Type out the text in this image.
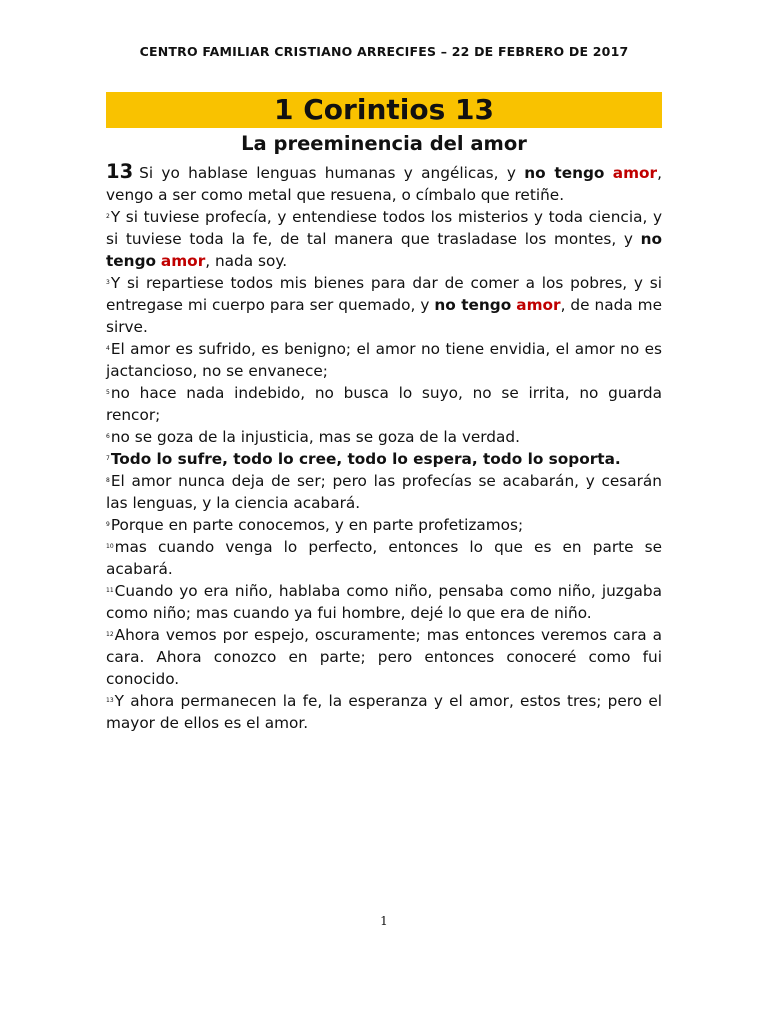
CENTRO FAMILIAR CRISTIANO ARRECIFES – 22 DE FEBRERO DE 2017
1 Corintios 13
La preeminencia del amor

13 Si yo hablase lenguas humanas y angélicas, y no tengo amor, vengo a ser como metal que resuena, o címbalo que retiñe.

$^2$Y si tuviese profecía, y entendiese todos los misterios y toda ciencia, y si tuviese toda la fe, de tal manera que trasladase los montes, y no tengo amor, nada soy.

$^3$Y si repartiese todos mis bienes para dar de comer a los pobres, y si entregase mi cuerpo para ser quemado, y no tengo amor, de nada me sirve.

$^4$El amor es sufrido, es benigno; el amor no tiene envidia, el amor no es jactancioso, no se envanece;

$^5$no hace nada indebido, no busca lo suyo, no se irrita, no guarda rencor;

$^6$no se goza de la injusticia, mas se goza de la verdad.

$^7$Todo lo sufre, todo lo cree, todo lo espera, todo lo soporta.

$^8$El amor nunca deja de ser; pero las profecías se acabarán, y cesarán las lenguas, y la ciencia acabará.

$^9$Porque en parte conocemos, y en parte profetizamos;

$^{10}$mas cuando venga lo perfecto, entonces lo que es en parte se acabará.

$^{11}$Cuando yo era niño, hablaba como niño, pensaba como niño, juzgaba como niño; mas cuando ya fui hombre, dejé lo que era de niño.

$^{12}$Ahora vemos por espejo, oscuramente; mas entonces veremos cara a cara. Ahora conozco en parte; pero entonces conoceré como fui conocido.

$^{13}$Y ahora permanecen la fe, la esperanza y el amor, estos tres; pero el mayor de ellos es el amor.

1
